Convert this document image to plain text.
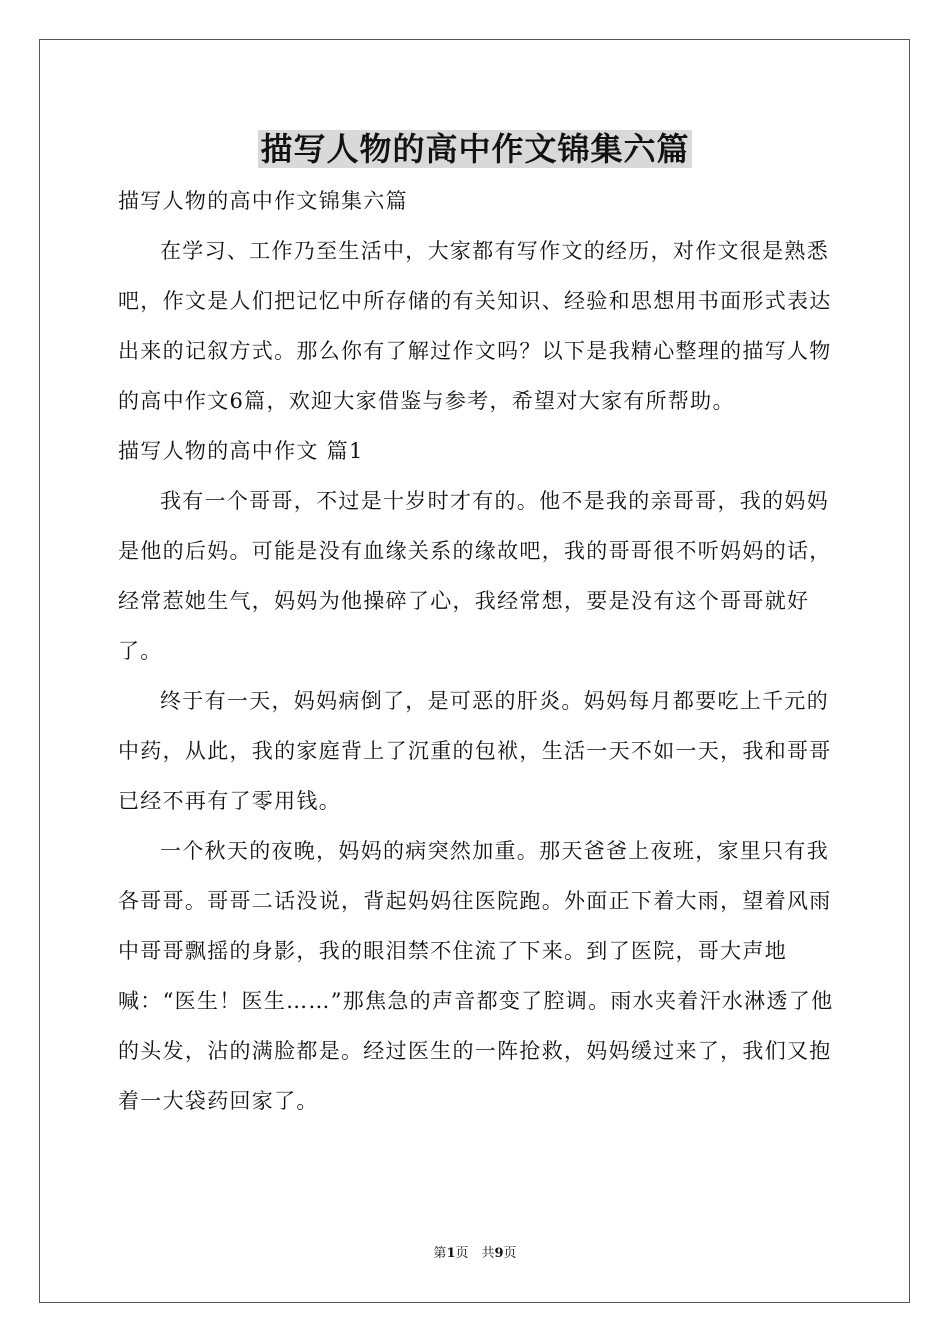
描写人物的高中作文锦集六篇

描写人物的高中作文锦集六篇

在学习、工作乃至生活中，大家都有写作文的经历，对作文很是熟悉吧，作文是人们把记忆中所存储的有关知识、经验和思想用书面形式表达出来的记叙方式。那么你有了解过作文吗？以下是我精心整理的描写人物的高中作文6篇，欢迎大家借鉴与参考，希望对大家有所帮助。

描写人物的高中作文 篇1

我有一个哥哥，不过是十岁时才有的。他不是我的亲哥哥，我的妈妈是他的后妈。可能是没有血缘关系的缘故吧，我的哥哥很不听妈妈的话，经常惹她生气，妈妈为他操碎了心，我经常想，要是没有这个哥哥就好了。

终于有一天，妈妈病倒了，是可恶的肝炎。妈妈每月都要吃上千元的中药，从此，我的家庭背上了沉重的包袱，生活一天不如一天，我和哥哥已经不再有了零用钱。

一个秋天的夜晚，妈妈的病突然加重。那天爸爸上夜班，家里只有我各哥哥。哥哥二话没说，背起妈妈往医院跑。外面正下着大雨，望着风雨中哥哥飘摇的身影，我的眼泪禁不住流了下来。到了医院，哥大声地喊：“医生！医生……”那焦急的声音都变了腔调。雨水夹着汗水淋透了他的头发，沾的满脸都是。经过医生的一阵抢救，妈妈缓过来了，我们又抱着一大袋药回家了。

第1页　共9页
